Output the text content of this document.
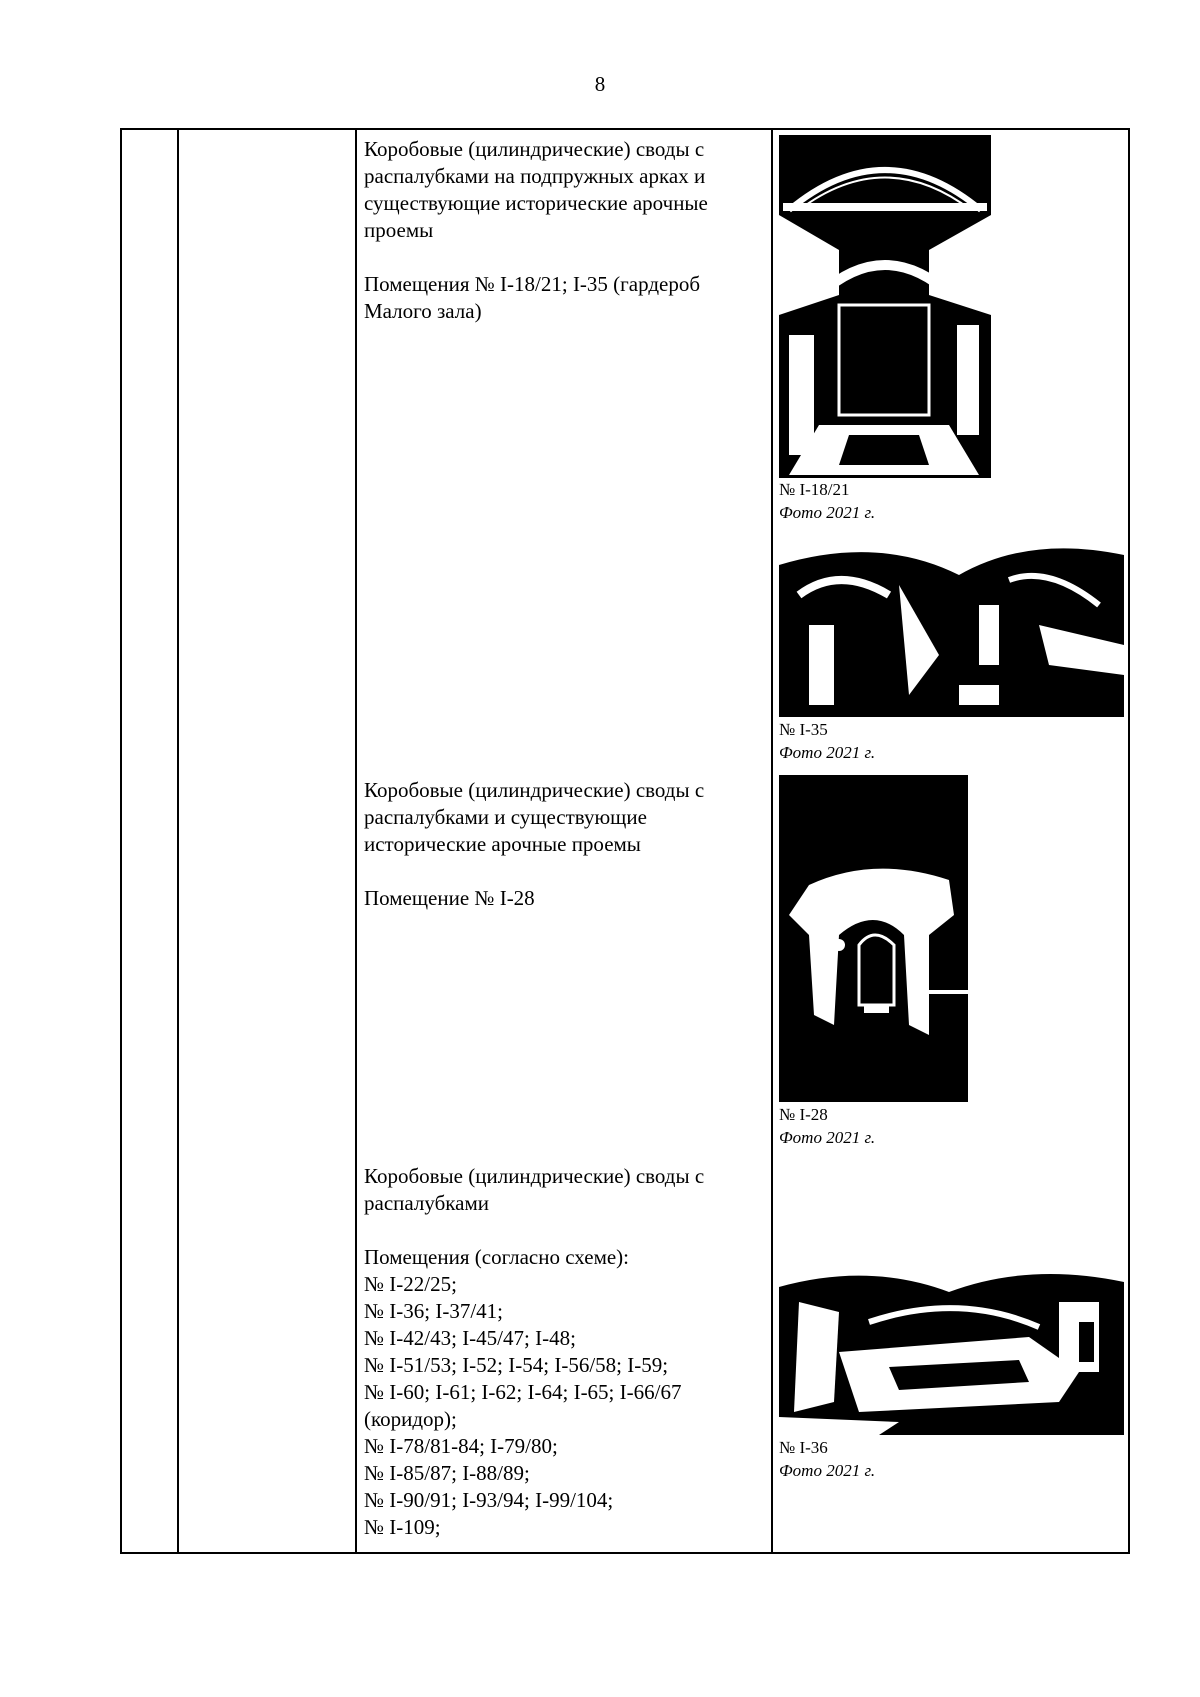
8

Коробовые (цилиндрические) своды с

распалубками на подпружных арках и

существующие исторические арочные

проемы

Помещения № I-18/21; I-35 (гардероб

Малого зала)

№ I-18/21
Фото 2021 г.
№ I-35
Фото 2021 г.

Коробовые (цилиндрические) своды с

распалубками и существующие

исторические арочные проемы

Помещение № I-28

№ I-28
Фото 2021 г.

Коробовые (цилиндрические) своды с

распалубками

Помещения (согласно схеме):

№ I-22/25;

№ I-36; I-37/41;

№ I-42/43; I-45/47; I-48;

№ I-51/53; I-52; I-54; I-56/58; I-59;

№ I-60; I-61; I-62; I-64; I-65; I-66/67

(коридор);

№ I-78/81-84; I-79/80;

№ I-85/87; I-88/89;

№ I-90/91; I-93/94; I-99/104;

№ I-109;

№ I-36
Фото 2021 г.
